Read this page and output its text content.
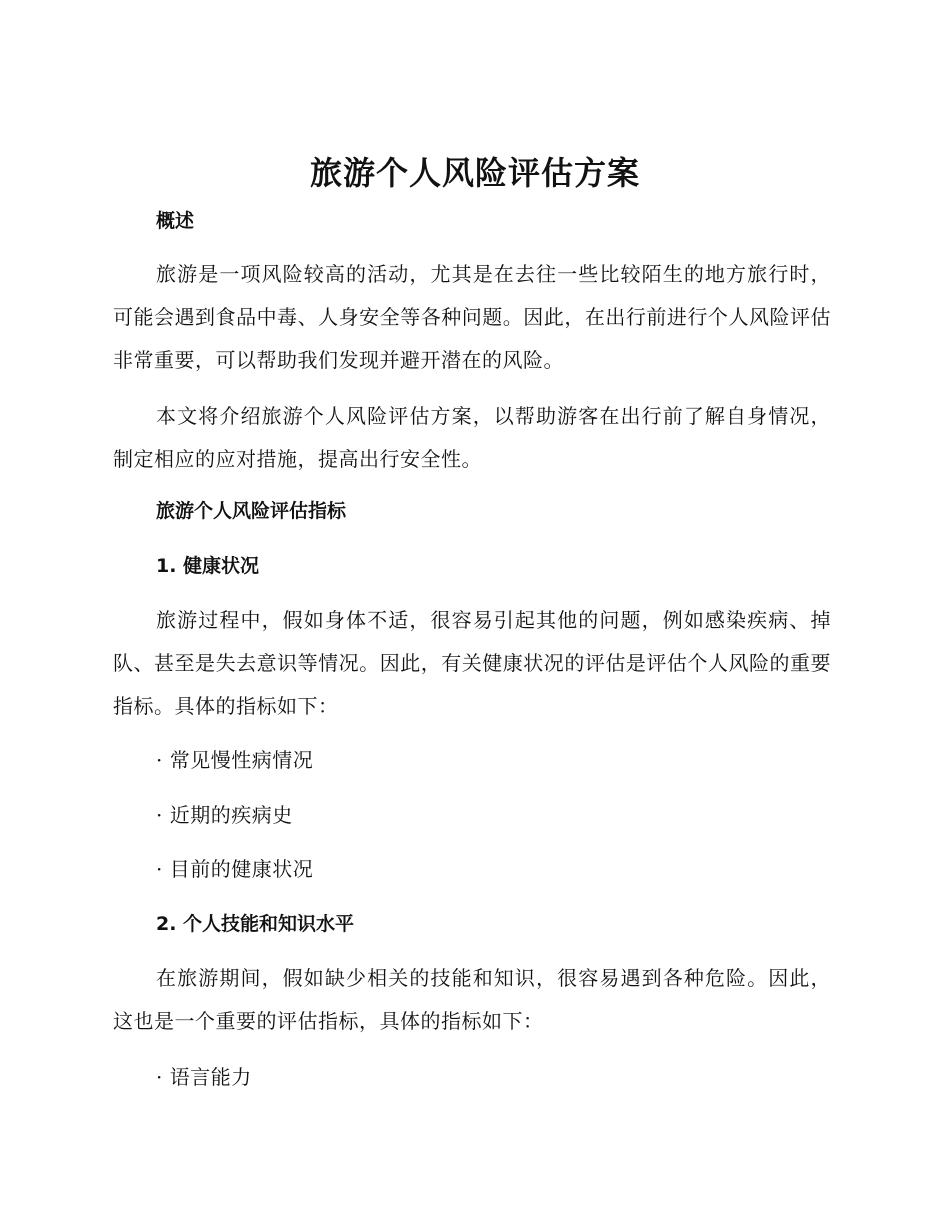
旅游个人风险评估方案
概述

旅游是一项风险较高的活动，尤其是在去往一些比较陌生的地方旅行时，可能会遇到食品中毒、人身安全等各种问题。因此，在出行前进行个人风险评估非常重要，可以帮助我们发现并避开潜在的风险。

本文将介绍旅游个人风险评估方案，以帮助游客在出行前了解自身情况，制定相应的应对措施，提高出行安全性。

旅游个人风险评估指标
1. 健康状况

旅游过程中，假如身体不适，很容易引起其他的问题，例如感染疾病、掉队、甚至是失去意识等情况。因此，有关健康状况的评估是评估个人风险的重要指标。具体的指标如下：

· 常见慢性病情况
· 近期的疾病史
· 目前的健康状况
2. 个人技能和知识水平

在旅游期间，假如缺少相关的技能和知识，很容易遇到各种危险。因此，这也是一个重要的评估指标，具体的指标如下：

· 语言能力
